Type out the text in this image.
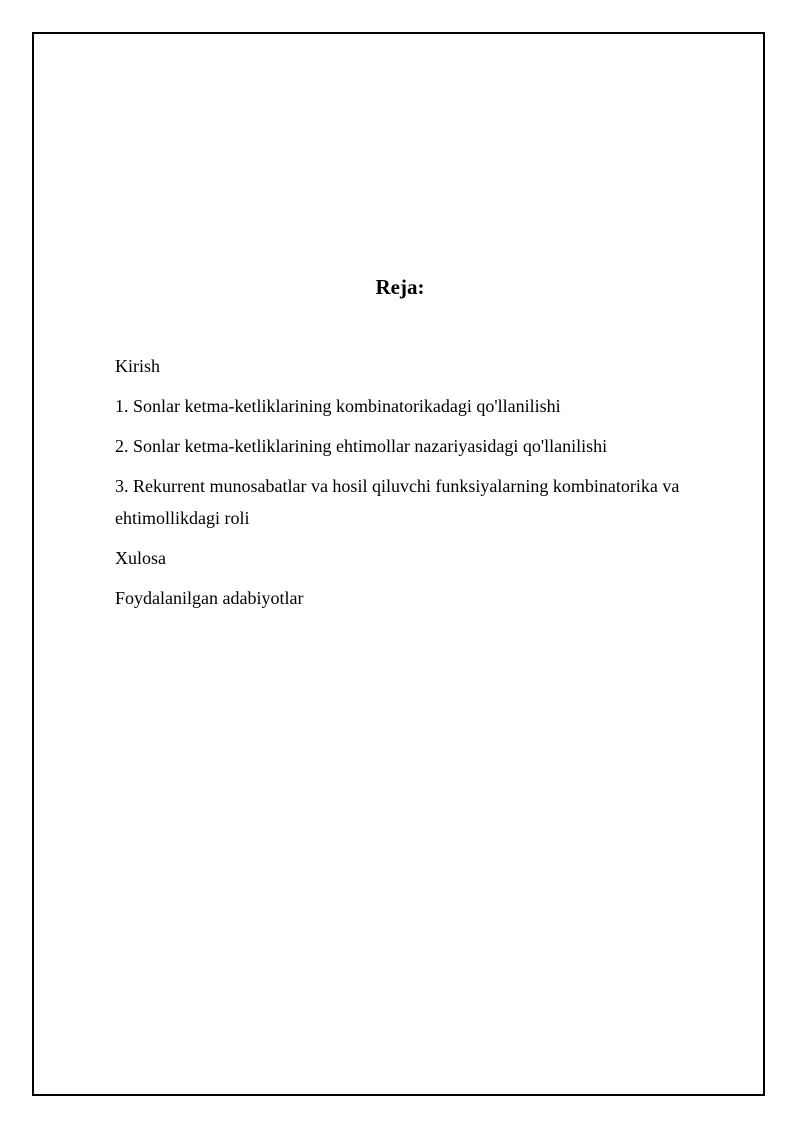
Reja:
Kirish
1. Sonlar ketma-ketliklarining kombinatorikadagi qo'llanilishi
2. Sonlar ketma-ketliklarining ehtimollar nazariyasidagi qo'llanilishi
3. Rekurrent munosabatlar va hosil qiluvchi funksiyalarning kombinatorika va ehtimollikdagi roli
Xulosa
Foydalanilgan adabiyotlar
